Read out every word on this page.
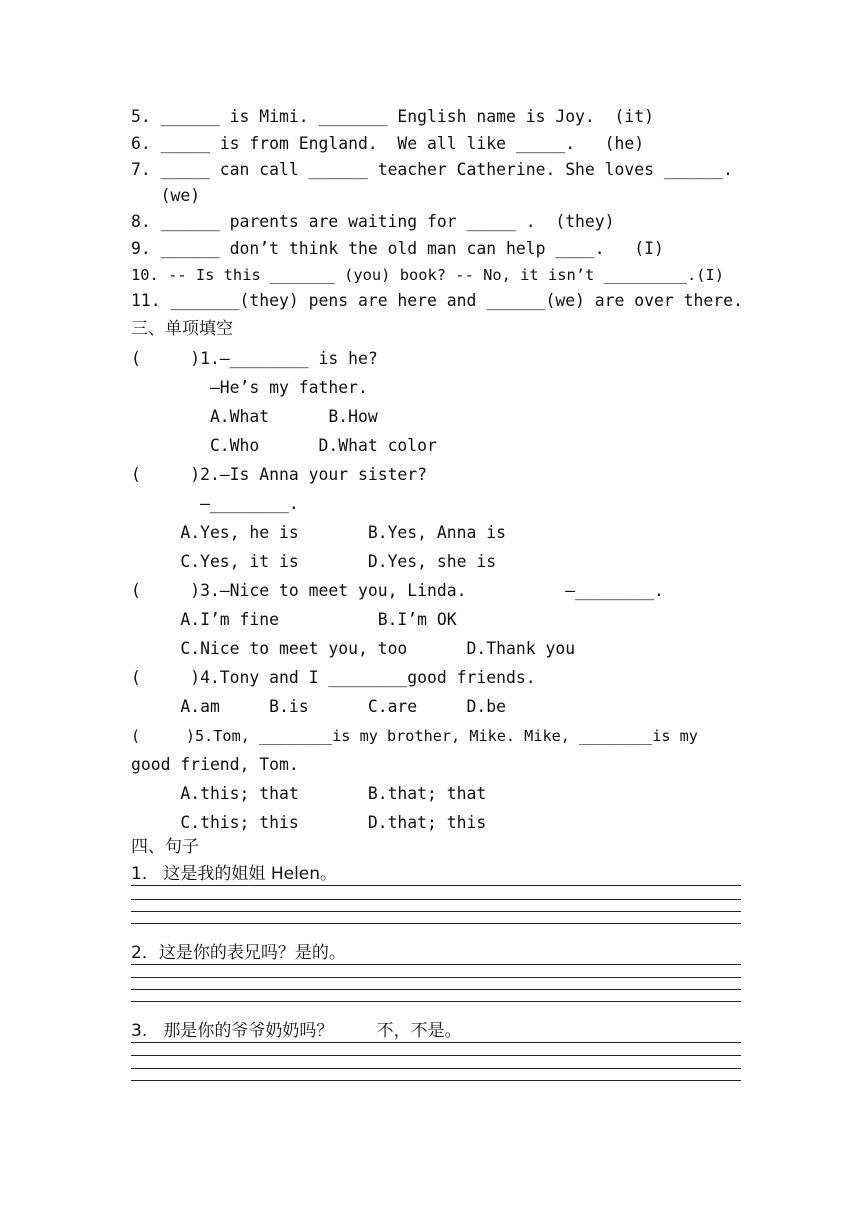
5. ______ is Mimi. _______ English name is Joy.  (it)
6. _____ is from England.  We all like _____.   (he)
7. _____ can call ______ teacher Catherine. She loves ______.
(we)
8. ______ parents are waiting for _____ .  (they)
9. ______ don’t think the old man can help ____.   (I)
10. -- Is this _______ (you) book? -- No, it isn’t _________.(I)
11. _______(they) pens are here and ______(we) are over there.
三、单项填空
(     )1.—________ is he?
—He’s my father.
A.What      B.How
C.Who      D.What color
(     )2.—Is Anna your sister?
—________.
A.Yes, he is       B.Yes, Anna is
C.Yes, it is       D.Yes, she is
(     )3.—Nice to meet you, Linda.          —________.
A.I’m fine          B.I’m OK
C.Nice to meet you, too      D.Thank you
(     )4.Tony and I ________good friends.
A.am     B.is      C.are     D.be
(     )5.Tom, ________is my brother, Mike. Mike, ________is my
good friend, Tom.
A.this; that       B.that; that
C.this; this       D.that; this
四、句子
1.   这是我的姐姐 Helen。
2．这是你的表兄吗？是的。
3.   那是你的爷爷奶奶吗？        不，不是。
